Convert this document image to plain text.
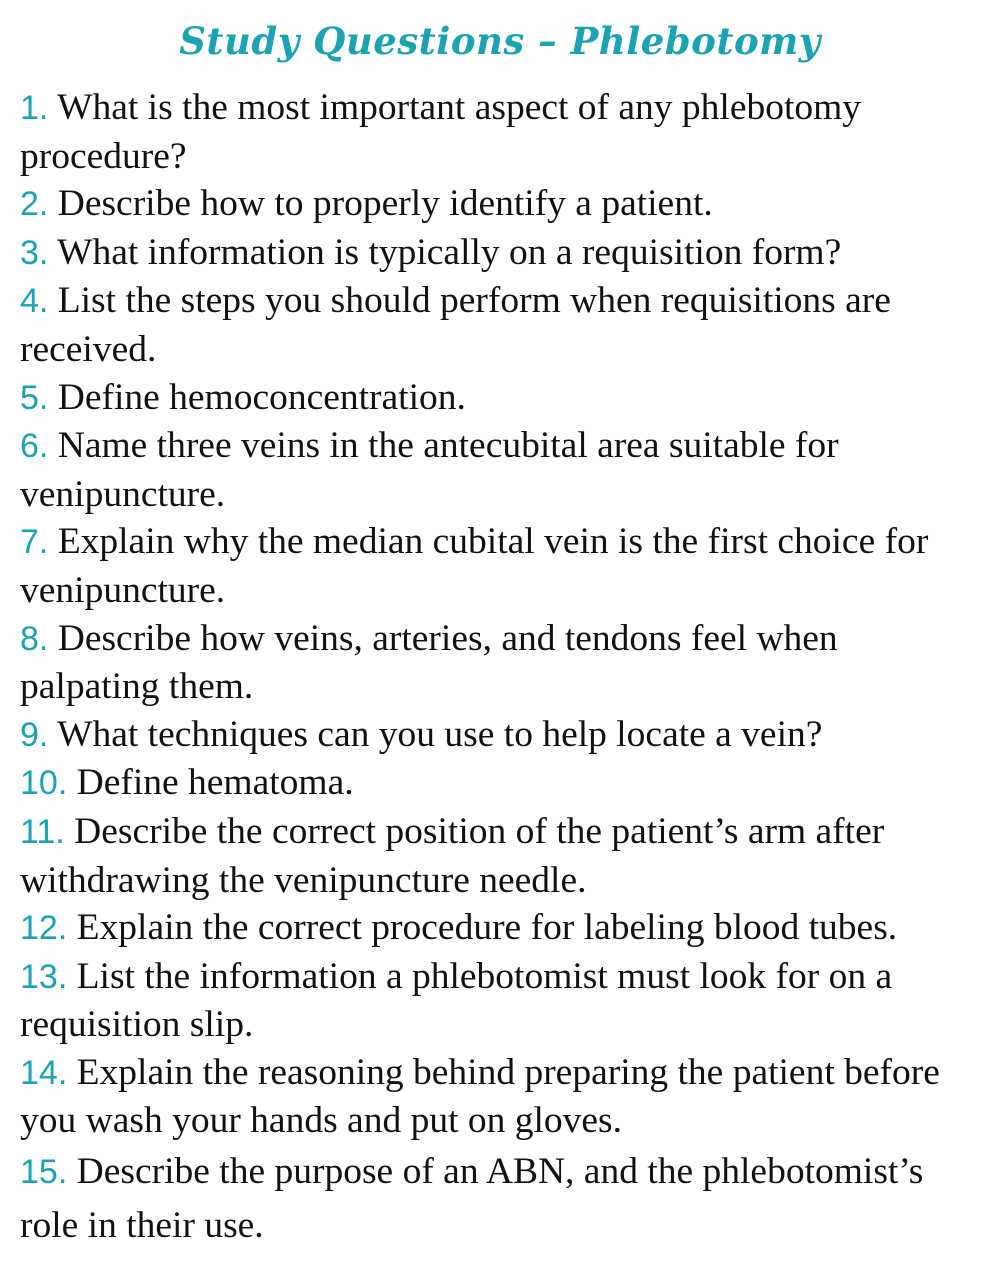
Study Questions – Phlebotomy
1. What is the most important aspect of any phlebotomy procedure?
2. Describe how to properly identify a patient.
3. What information is typically on a requisition form?
4. List the steps you should perform when requisitions are received.
5. Define hemoconcentration.
6. Name three veins in the antecubital area suitable for venipuncture.
7. Explain why the median cubital vein is the first choice for venipuncture.
8. Describe how veins, arteries, and tendons feel when palpating them.
9. What techniques can you use to help locate a vein?
10. Define hematoma.
11. Describe the correct position of the patient’s arm after withdrawing the venipuncture needle.
12. Explain the correct procedure for labeling blood tubes.
13. List the information a phlebotomist must look for on a requisition slip.
14. Explain the reasoning behind preparing the patient before you wash your hands and put on gloves.
15. Describe the purpose of an ABN, and the phlebotomist’s role in their use.
